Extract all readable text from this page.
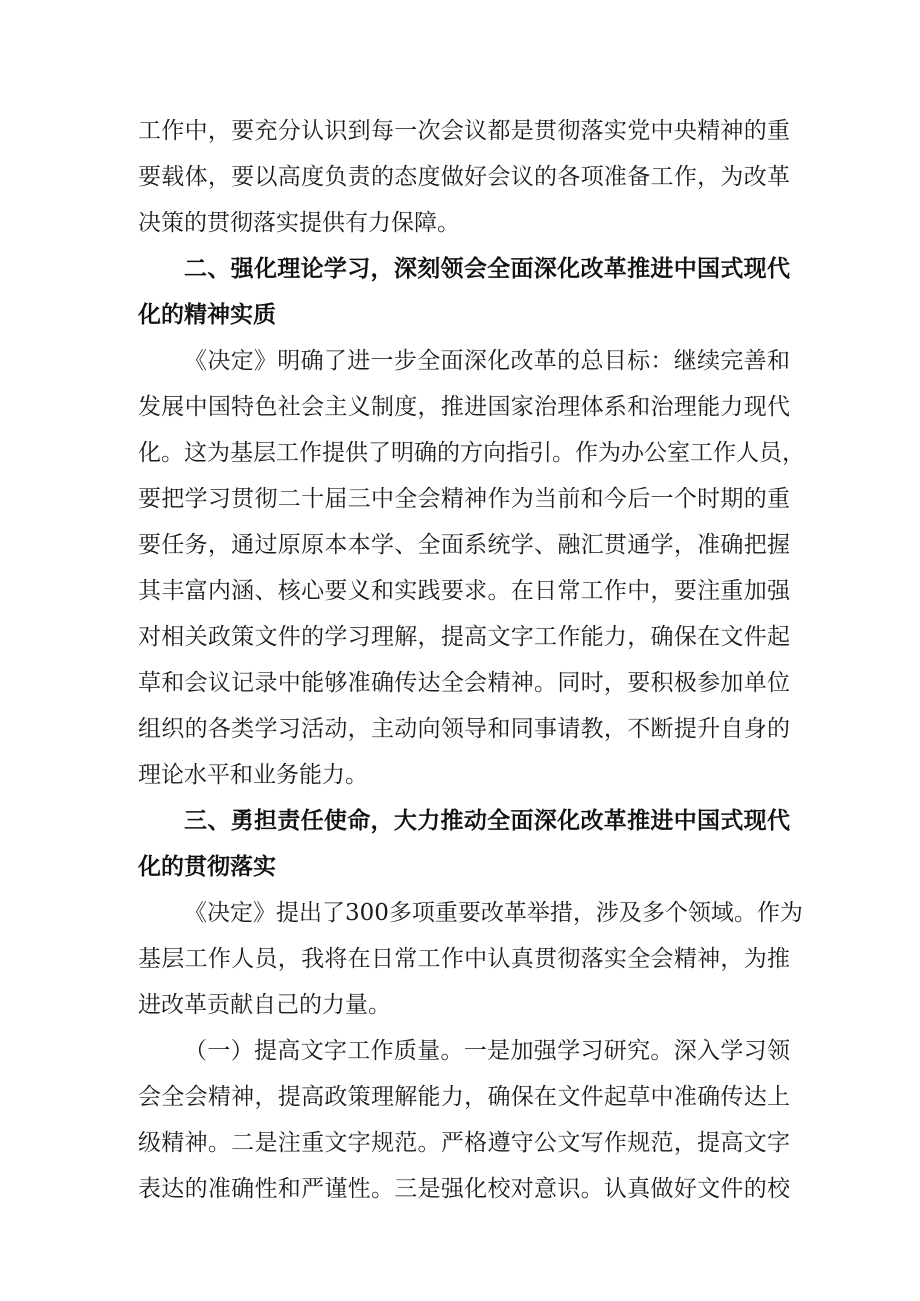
工作中，要充分认识到每一次会议都是贯彻落实党中央精神的重

要载体，要以高度负责的态度做好会议的各项准备工作，为改革

决策的贯彻落实提供有力保障。

二、强化理论学习，深刻领会全面深化改革推进中国式现代

化的精神实质

《决定》明确了进一步全面深化改革的总目标：继续完善和

发展中国特色社会主义制度，推进国家治理体系和治理能力现代

化。这为基层工作提供了明确的方向指引。作为办公室工作人员，

要把学习贯彻二十届三中全会精神作为当前和今后一个时期的重

要任务，通过原原本本学、全面系统学、融汇贯通学，准确把握

其丰富内涵、核心要义和实践要求。在日常工作中，要注重加强

对相关政策文件的学习理解，提高文字工作能力，确保在文件起

草和会议记录中能够准确传达全会精神。同时，要积极参加单位

组织的各类学习活动，主动向领导和同事请教，不断提升自身的

理论水平和业务能力。

三、勇担责任使命，大力推动全面深化改革推进中国式现代

化的贯彻落实

《决定》提出了300多项重要改革举措，涉及多个领域。作为

基层工作人员，我将在日常工作中认真贯彻落实全会精神，为推

进改革贡献自己的力量。

（一）提高文字工作质量。一是加强学习研究。深入学习领

会全会精神，提高政策理解能力，确保在文件起草中准确传达上

级精神。二是注重文字规范。严格遵守公文写作规范，提高文字

表达的准确性和严谨性。三是强化校对意识。认真做好文件的校
